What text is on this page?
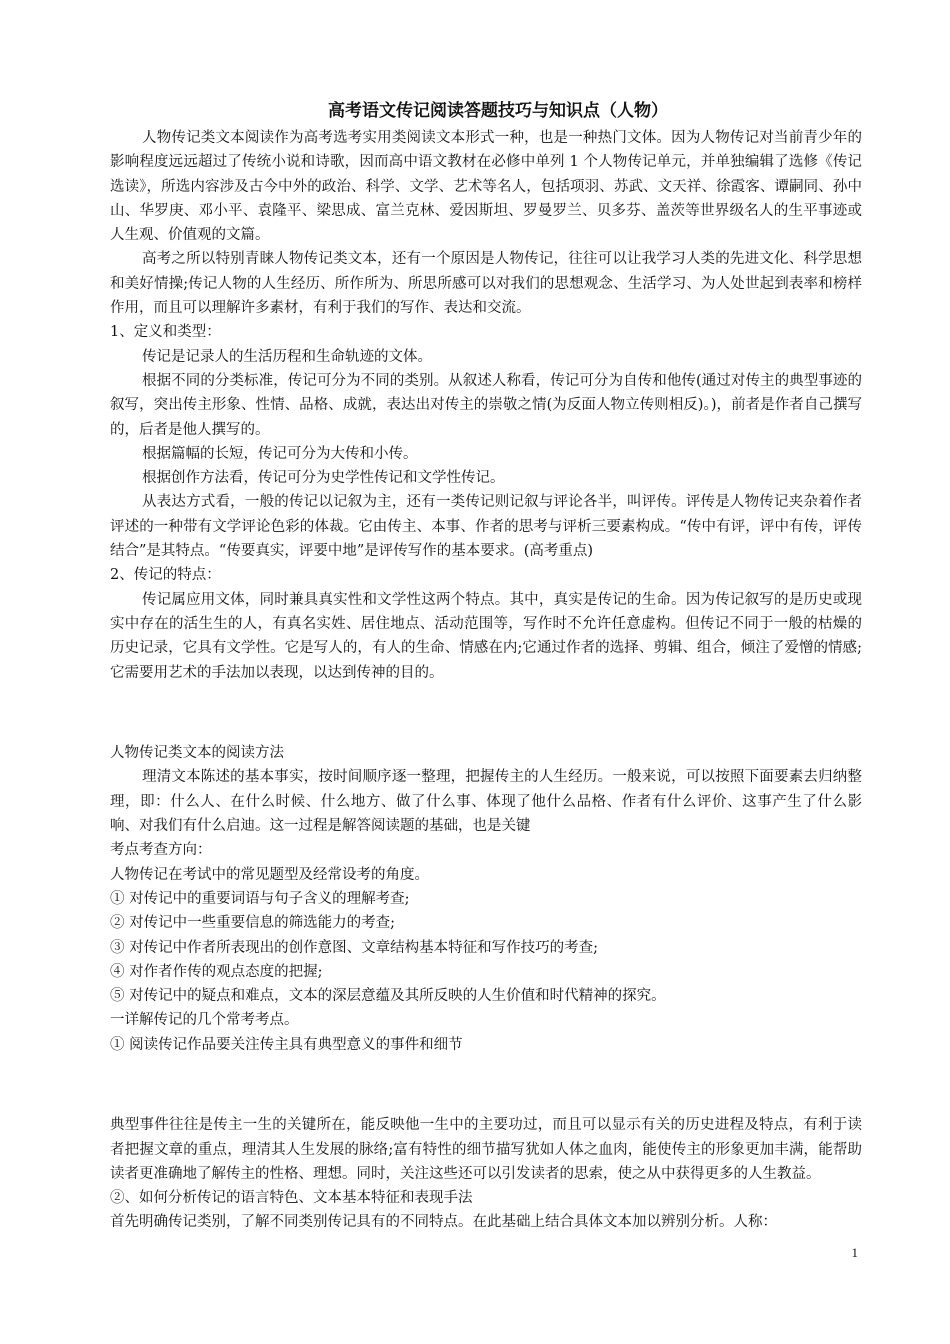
高考语文传记阅读答题技巧与知识点（人物）

人物传记类文本阅读作为高考选考实用类阅读文本形式一种，也是一种热门文体。因为人物传记对当前青少年的影响程度远远超过了传统小说和诗歌，因而高中语文教材在必修中单列 1 个人物传记单元，并单独编辑了选修《传记选读》，所选内容涉及古今中外的政治、科学、文学、艺术等名人，包括项羽、苏武、文天祥、徐霞客、谭嗣同、孙中山、华罗庚、邓小平、袁隆平、梁思成、富兰克林、爱因斯坦、罗曼罗兰、贝多芬、盖茨等世界级名人的生平事迹或人生观、价值观的文篇。

高考之所以特别青睐人物传记类文本，还有一个原因是人物传记，往往可以让我学习人类的先进文化、科学思想和美好情操;传记人物的人生经历、所作所为、所思所感可以对我们的思想观念、生活学习、为人处世起到表率和榜样作用，而且可以理解许多素材，有利于我们的写作、表达和交流。

1、定义和类型：

传记是记录人的生活历程和生命轨迹的文体。

根据不同的分类标准，传记可分为不同的类别。从叙述人称看，传记可分为自传和他传(通过对传主的典型事迹的叙写，突出传主形象、性情、品格、成就，表达出对传主的崇敬之情(为反面人物立传则相反)。)，前者是作者自己撰写的，后者是他人撰写的。

根据篇幅的长短，传记可分为大传和小传。

根据创作方法看，传记可分为史学性传记和文学性传记。

从表达方式看，一般的传记以记叙为主，还有一类传记则记叙与评论各半，叫评传。评传是人物传记夹杂着作者评述的一种带有文学评论色彩的体裁。它由传主、本事、作者的思考与评析三要素构成。“传中有评，评中有传，评传结合”是其特点。“传要真实，评要中地”是评传写作的基本要求。(高考重点)

2、传记的特点：

传记属应用文体，同时兼具真实性和文学性这两个特点。其中，真实是传记的生命。因为传记叙写的是历史或现实中存在的活生生的人，有真名实姓、居住地点、活动范围等，写作时不允许任意虚构。但传记不同于一般的枯燥的历史记录，它具有文学性。它是写人的，有人的生命、情感在内;它通过作者的选择、剪辑、组合，倾注了爱憎的情感;它需要用艺术的手法加以表现，以达到传神的目的。

人物传记类文本的阅读方法

理清文本陈述的基本事实，按时间顺序逐一整理，把握传主的人生经历。一般来说，可以按照下面要素去归纳整理，即：什么人、在什么时候、什么地方、做了什么事、体现了他什么品格、作者有什么评价、这事产生了什么影响、对我们有什么启迪。这一过程是解答阅读题的基础，也是关键

考点考查方向：

人物传记在考试中的常见题型及经常设考的角度。

① 对传记中的重要词语与句子含义的理解考查;

② 对传记中一些重要信息的筛选能力的考查;

③ 对传记中作者所表现出的创作意图、文章结构基本特征和写作技巧的考查;

④ 对作者作传的观点态度的把握;

⑤ 对传记中的疑点和难点，文本的深层意蕴及其所反映的人生价值和时代精神的探究。

一详解传记的几个常考考点。

① 阅读传记作品要关注传主具有典型意义的事件和细节

典型事件往往是传主一生的关键所在，能反映他一生中的主要功过，而且可以显示有关的历史进程及特点，有利于读者把握文章的重点，理清其人生发展的脉络;富有特性的细节描写犹如人体之血肉，能使传主的形象更加丰满，能帮助读者更准确地了解传主的性格、理想。同时，关注这些还可以引发读者的思索，使之从中获得更多的人生教益。

②、如何分析传记的语言特色、文本基本特征和表现手法

首先明确传记类别，了解不同类别传记具有的不同特点。在此基础上结合具体文本加以辨别分析。人称：

1
